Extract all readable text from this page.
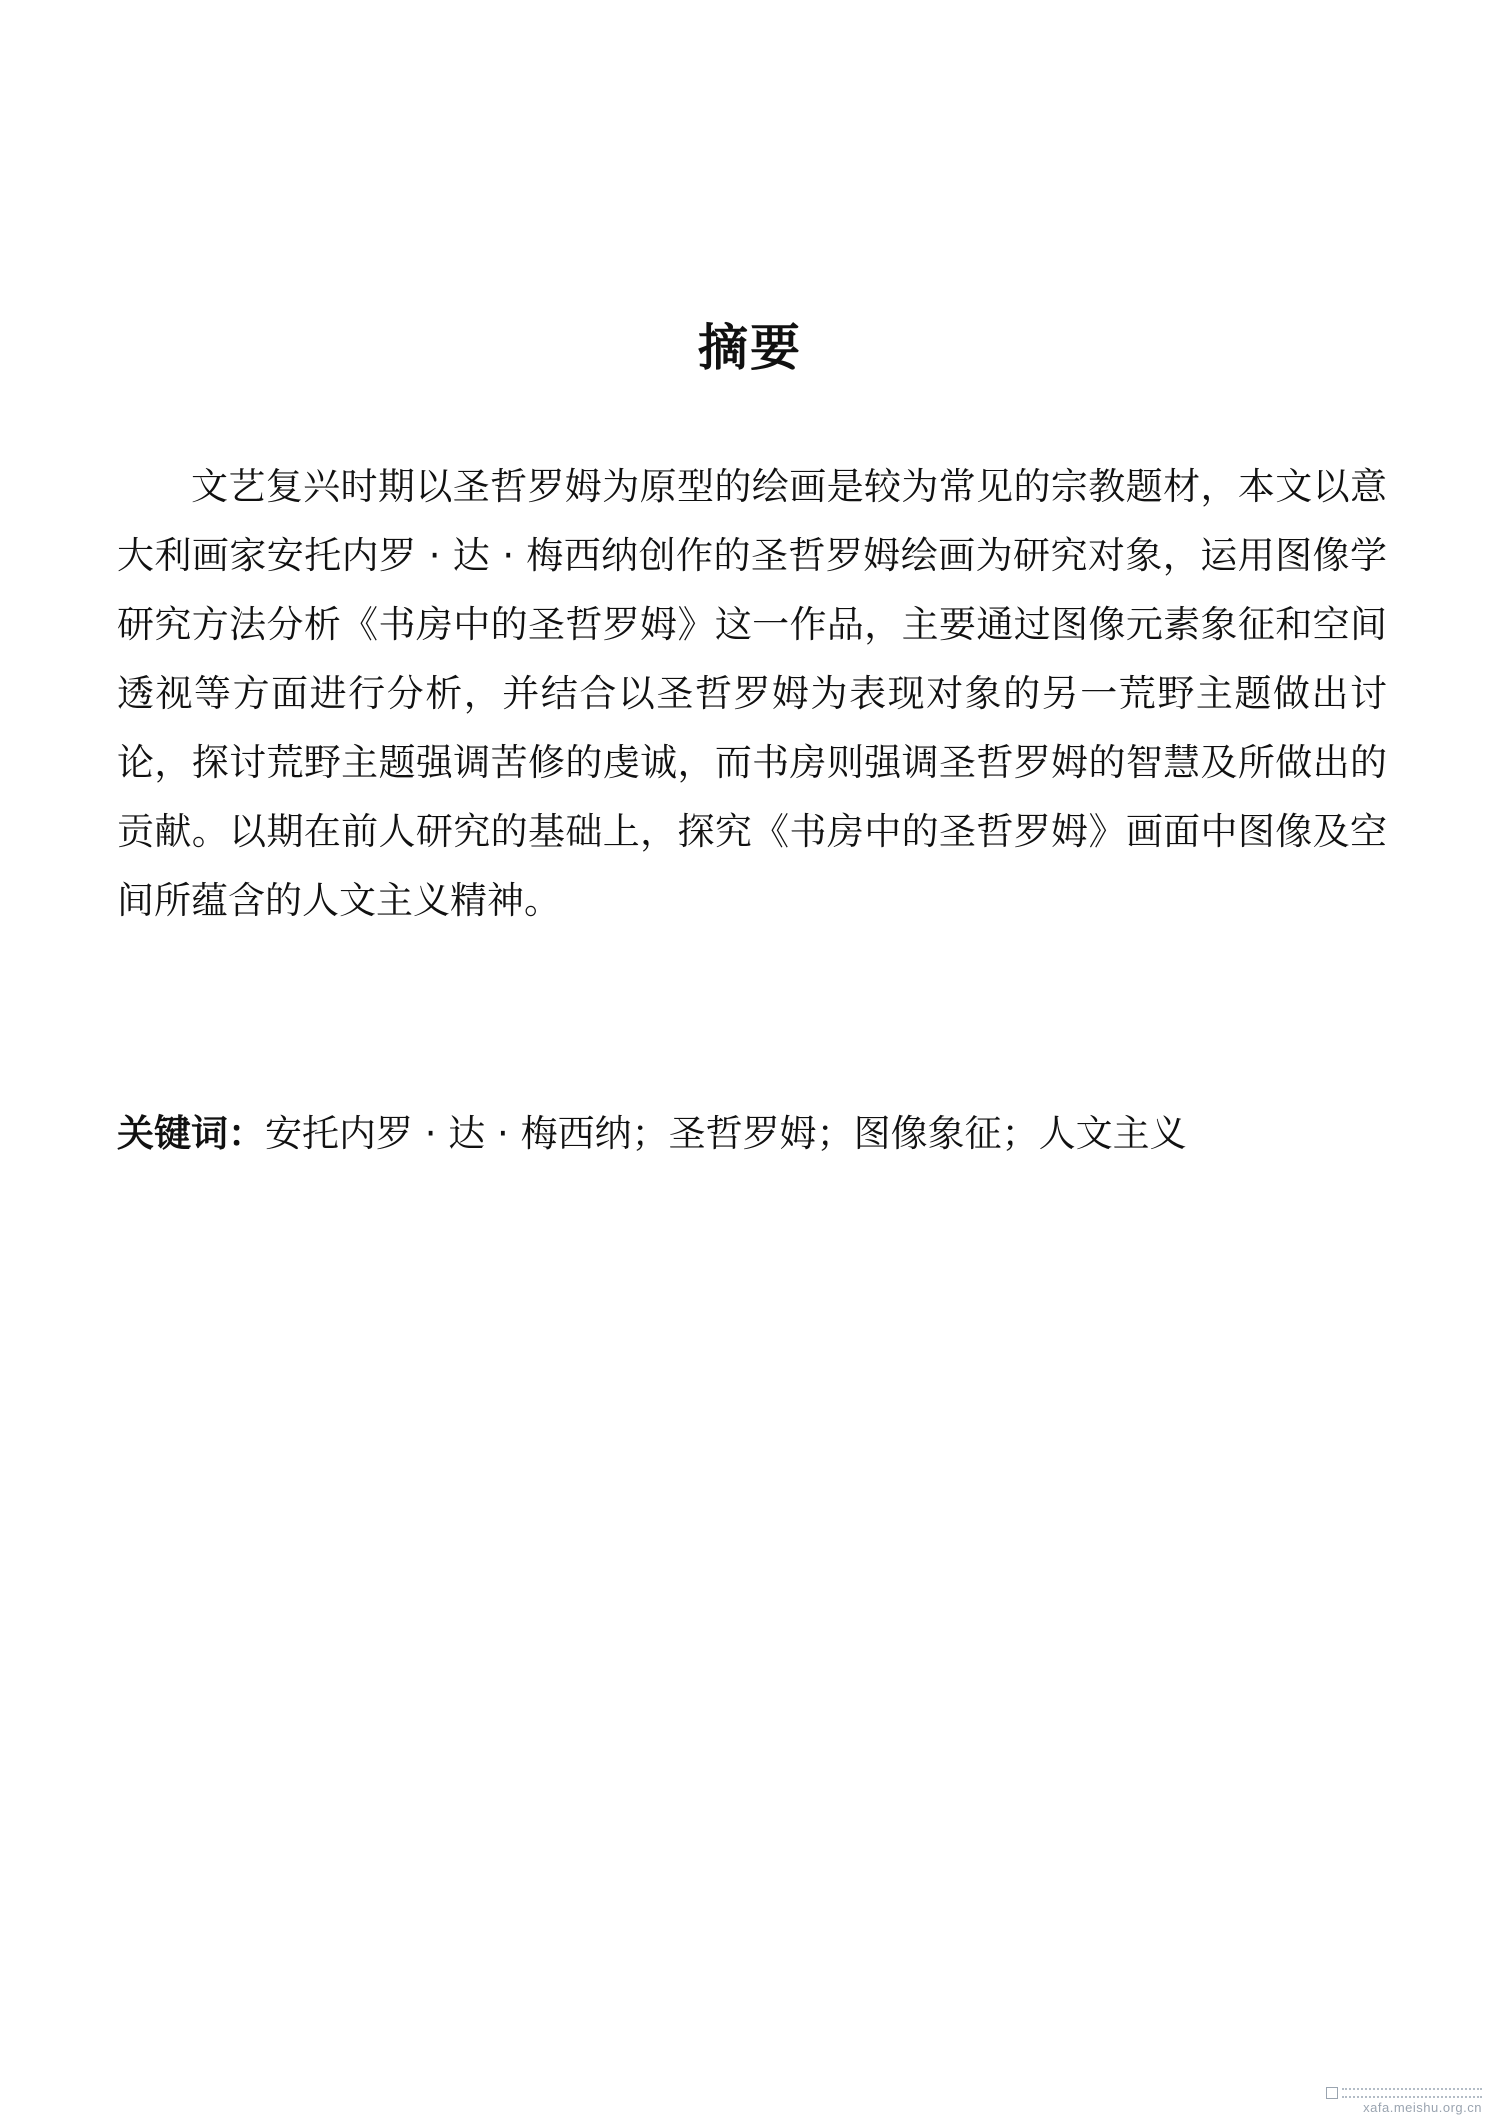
摘要

文艺复兴时期以圣哲罗姆为原型的绘画是较为常见的宗教题材，本文以意大利画家安托内罗 · 达 · 梅西纳创作的圣哲罗姆绘画为研究对象，运用图像学研究方法分析《书房中的圣哲罗姆》这一作品，主要通过图像元素象征和空间透视等方面进行分析，并结合以圣哲罗姆为表现对象的另一荒野主题做出讨论，探讨荒野主题强调苦修的虔诚，而书房则强调圣哲罗姆的智慧及所做出的贡献。以期在前人研究的基础上，探究《书房中的圣哲罗姆》画面中图像及空间所蕴含的人文主义精神。

关键词：安托内罗 · 达 · 梅西纳；圣哲罗姆；图像象征；人文主义
xafa.meishu.org.cn
